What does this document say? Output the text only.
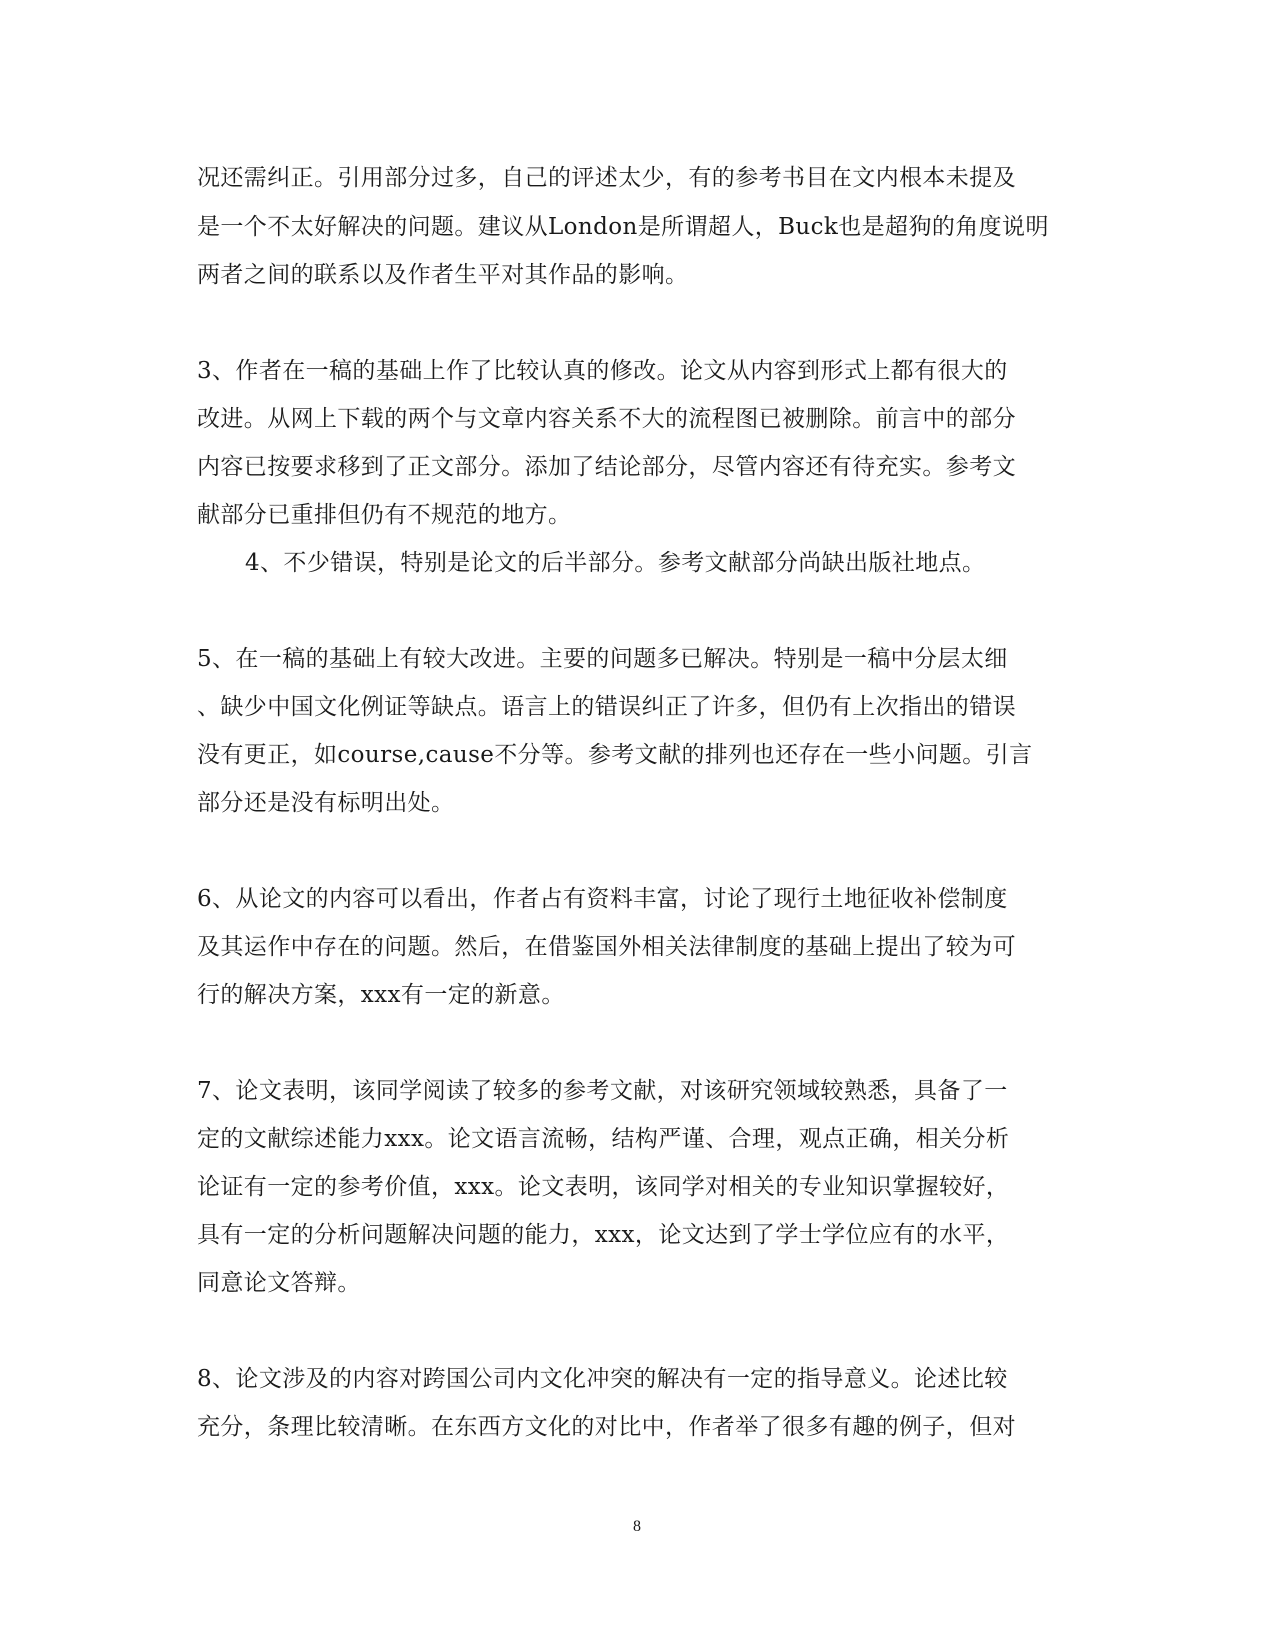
况还需纠正。引用部分过多，自己的评述太少，有的参考书目在文内根本未提及
是一个不太好解决的问题。建议从London是所谓超人，Buck也是超狗的角度说明
两者之间的联系以及作者生平对其作品的影响。
3、作者在一稿的基础上作了比较认真的修改。论文从内容到形式上都有很大的
改进。从网上下载的两个与文章内容关系不大的流程图已被删除。前言中的部分
内容已按要求移到了正文部分。添加了结论部分，尽管内容还有待充实。参考文
献部分已重排但仍有不规范的地方。
4、不少错误，特别是论文的后半部分。参考文献部分尚缺出版社地点。
5、在一稿的基础上有较大改进。主要的问题多已解决。特别是一稿中分层太细
、缺少中国文化例证等缺点。语言上的错误纠正了许多，但仍有上次指出的错误
没有更正，如course,cause不分等。参考文献的排列也还存在一些小问题。引言
部分还是没有标明出处。
6、从论文的内容可以看出，作者占有资料丰富，讨论了现行土地征收补偿制度
及其运作中存在的问题。然后，在借鉴国外相关法律制度的基础上提出了较为可
行的解决方案，xxx有一定的新意。
7、论文表明，该同学阅读了较多的参考文献，对该研究领域较熟悉，具备了一
定的文献综述能力xxx。论文语言流畅，结构严谨、合理，观点正确，相关分析
论证有一定的参考价值，xxx。论文表明，该同学对相关的专业知识掌握较好，
具有一定的分析问题解决问题的能力，xxx，论文达到了学士学位应有的水平，
同意论文答辩。
8、论文涉及的内容对跨国公司内文化冲突的解决有一定的指导意义。论述比较
充分，条理比较清晰。在东西方文化的对比中，作者举了很多有趣的例子，但对
8
